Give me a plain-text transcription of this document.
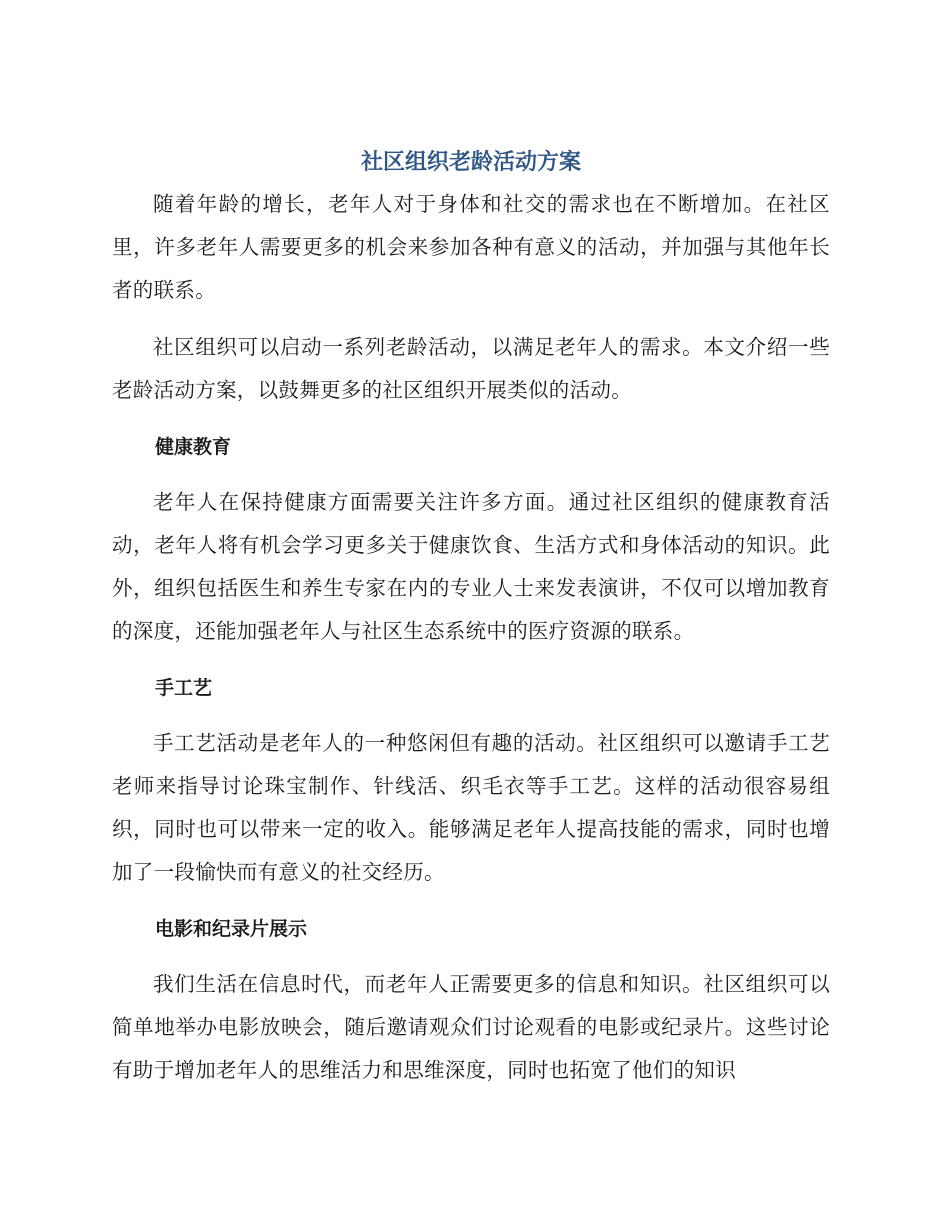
社区组织老龄活动方案

随着年龄的增长，老年人对于身体和社交的需求也在不断增加。在社区里，许多老年人需要更多的机会来参加各种有意义的活动，并加强与其他年长者的联系。

社区组织可以启动一系列老龄活动，以满足老年人的需求。本文介绍一些老龄活动方案，以鼓舞更多的社区组织开展类似的活动。

健康教育

老年人在保持健康方面需要关注许多方面。通过社区组织的健康教育活动，老年人将有机会学习更多关于健康饮食、生活方式和身体活动的知识。此外，组织包括医生和养生专家在内的专业人士来发表演讲，不仅可以增加教育的深度，还能加强老年人与社区生态系统中的医疗资源的联系。

手工艺

手工艺活动是老年人的一种悠闲但有趣的活动。社区组织可以邀请手工艺老师来指导讨论珠宝制作、针线活、织毛衣等手工艺。这样的活动很容易组织，同时也可以带来一定的收入。能够满足老年人提高技能的需求，同时也增加了一段愉快而有意义的社交经历。

电影和纪录片展示

我们生活在信息时代，而老年人正需要更多的信息和知识。社区组织可以简单地举办电影放映会，随后邀请观众们讨论观看的电影或纪录片。这些讨论有助于增加老年人的思维活力和思维深度，同时也拓宽了他们的知识
